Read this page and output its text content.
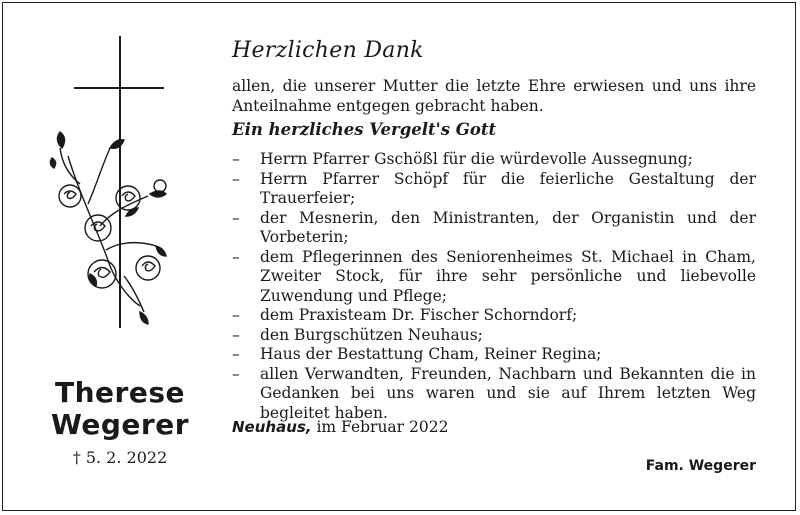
Therese
Wegerer
† 5. 2. 2022
Herzlichen Dank
allen, die unserer Mutter die letzte Ehre erwiesen und uns ihre Anteilnahme entgegen gebracht haben.
Ein herzliches Vergelt's Gott
– Herrn Pfarrer Gschößl für die würdevolle Aussegnung;
– Herrn Pfarrer Schöpf für die feierliche Gestaltung der Trauerfeier;
– der Mesnerin, den Ministranten, der Organistin und der Vorbeterin;
– dem Pflegerinnen des Seniorenheimes St. Michael in Cham, Zweiter Stock, für ihre sehr persönliche und liebevolle Zuwendung und Pflege;
– dem Praxisteam Dr. Fischer Schorndorf;
– den Burgschützen Neuhaus;
– Haus der Bestattung Cham, Reiner Regina;
– allen Verwandten, Freunden, Nachbarn und Bekannten die in Gedanken bei uns waren und sie auf Ihrem letzten Weg begleitet haben.
Neuhaus, im Februar 2022
Fam. Wegerer
